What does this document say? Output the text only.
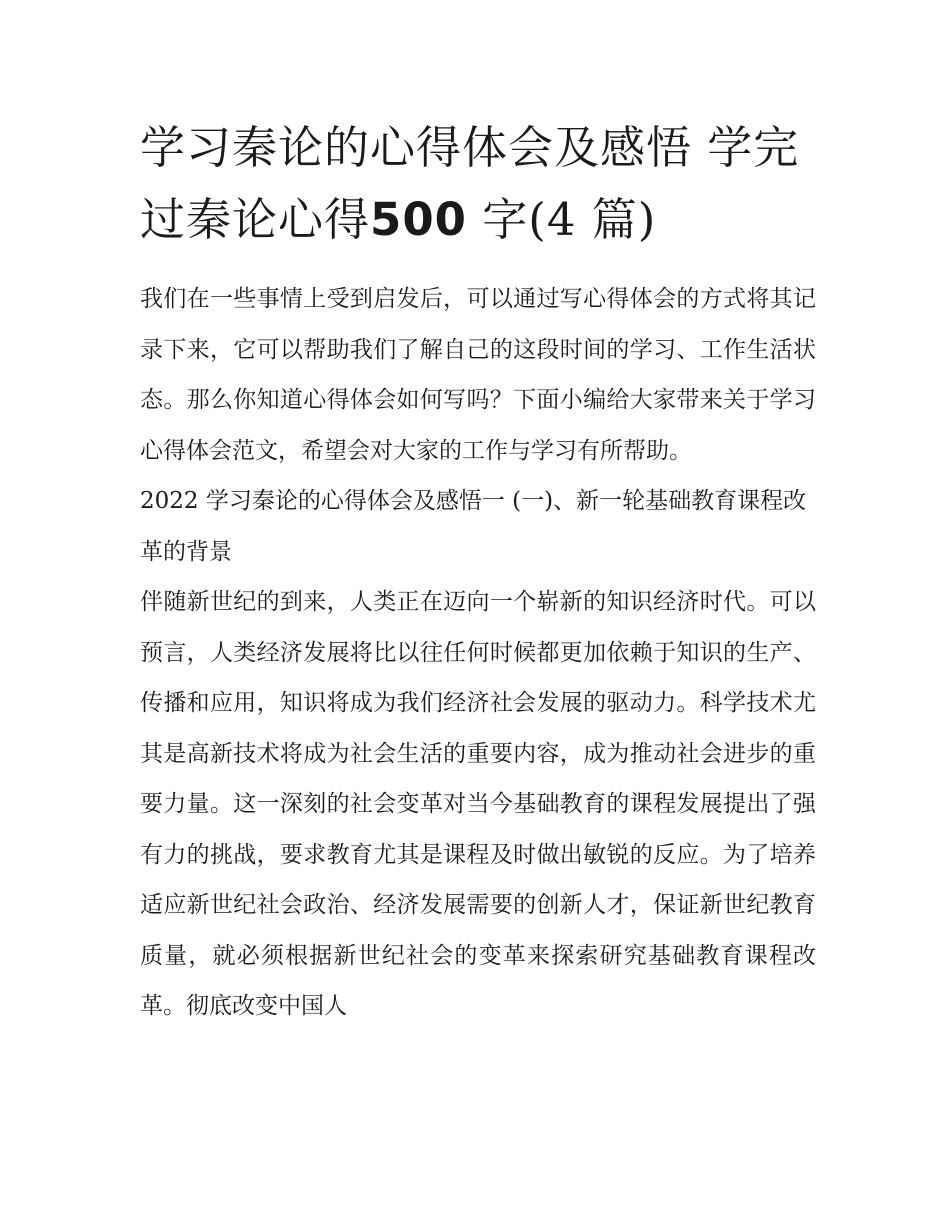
学习秦论的心得体会及感悟 学完过秦论心得500 字(4 篇)

我们在一些事情上受到启发后，可以通过写心得体会的方式将其记录下来，它可以帮助我们了解自己的这段时间的学习、工作生活状态。那么你知道心得体会如何写吗？下面小编给大家带来关于学习心得体会范文，希望会对大家的工作与学习有所帮助。

2022 学习秦论的心得体会及感悟一 (一)、新一轮基础教育课程改革的背景

伴随新世纪的到来，人类正在迈向一个崭新的知识经济时代。可以预言，人类经济发展将比以往任何时候都更加依赖于知识的生产、传播和应用，知识将成为我们经济社会发展的驱动力。科学技术尤其是高新技术将成为社会生活的重要内容，成为推动社会进步的重要力量。这一深刻的社会变革对当今基础教育的课程发展提出了强有力的挑战，要求教育尤其是课程及时做出敏锐的反应。为了培养适应新世纪社会政治、经济发展需要的创新人才，保证新世纪教育质量，就必须根据新世纪社会的变革来探索研究基础教育课程改革。彻底改变中国人
